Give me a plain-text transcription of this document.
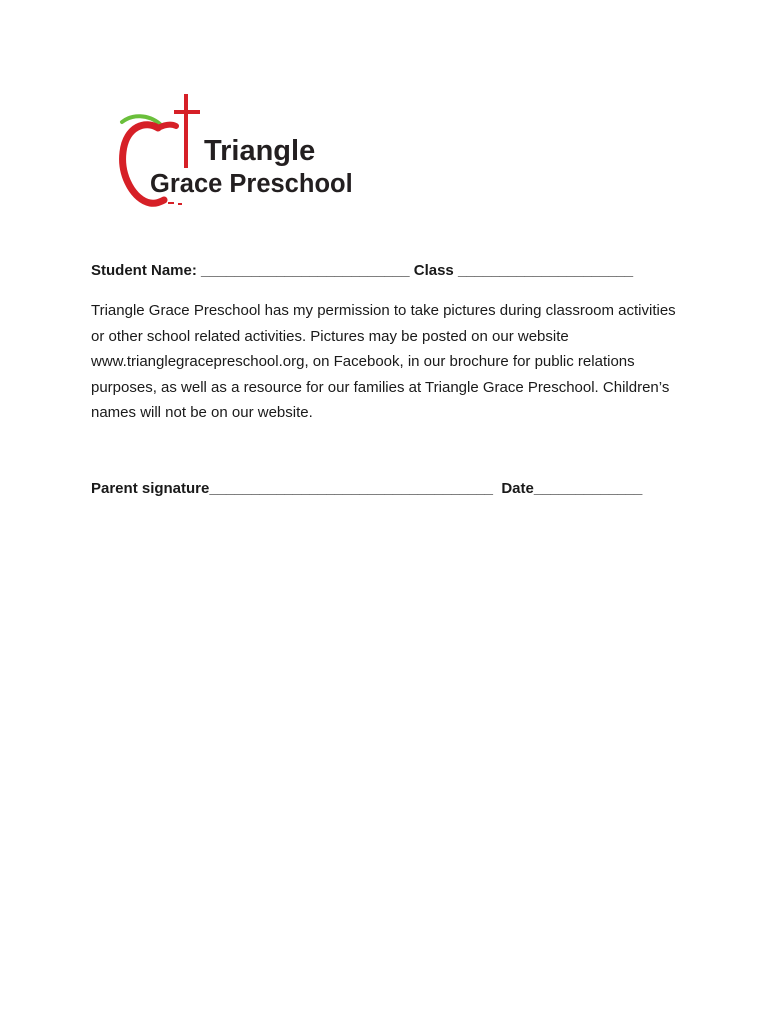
Triangle
Grace Preschool
Student Name: _________________________ Class _____________________

Triangle Grace Preschool has my permission to take pictures during classroom activities or other school related activities. Pictures may be posted on our website www.trianglegracepreschool.org, on Facebook, in our brochure for public relations purposes, as well as a resource for our families at Triangle Grace Preschool. Children’s names will not be on our website.

Parent signature__________________________________  Date_____________
